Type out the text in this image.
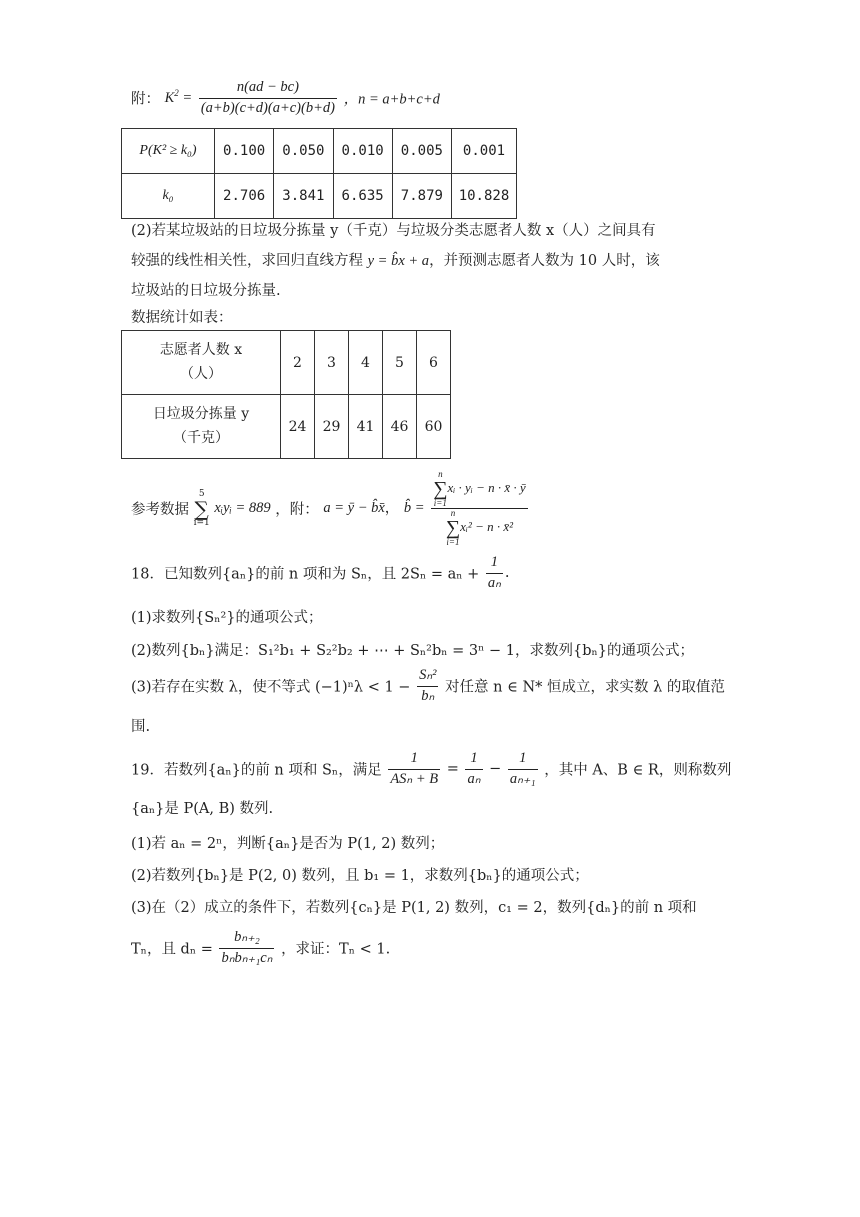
附： $K^2 = \frac{n(ad - bc)}{(a+b)(c+d)(a+c)(b+d)}$ ，n = a+b+c+d
P(K² ≥ k₀)	0.100	0.050	0.010	0.005	0.001
k₀	2.706	3.841	6.635	7.879	10.828
(2)若某垃圾站的日垃圾分拣量 y（千克）与垃圾分类志愿者人数 x（人）之间具有
较强的线性相关性，求回归直线方程 y = b̂x + a，并预测志愿者人数为 10 人时，该
垃圾站的日垃圾分拣量.
数据统计如表：
志愿者人数 x
（人）	2	3	4	5	6
日垃圾分拣量 y
（千克）	24	29	41	46	60
参考数据 5
∑
i=1 xᵢyᵢ = 889 ，附： a = ȳ − b̂x̄， b̂ = n
∑
i=1xᵢ · yᵢ − n · x̄ · ȳ
n
∑
i=1xᵢ² − n · x̄²
18．已知数列{aₙ}的前 n 项和为 Sₙ，且 $2S_n = a_n + \frac{1}{\text{aₙ}}$ .
(1)求数列{Sₙ²}的通项公式；
(2)数列{bₙ}满足：S₁²b₁ + S₂²b₂ + ⋯ + Sₙ²bₙ = 3ⁿ − 1，求数列{bₙ}的通项公式；
(3)若存在实数 λ，使不等式 $(-1)^n\lambda < 1 - \frac{\text{Sₙ²}}{\text{bₙ}}$ 对任意 n ∈ N* 恒成立，求实数 λ 的取值范
围.
19．若数列{aₙ}的前 n 项和 Sₙ，满足 $\frac{1}{\text{ASₙ + B}} = \frac{1}{\text{aₙ}} - \frac{1}{\text{aₙ₊₁}}$ ，其中 A、B ∈ R，则称数列
{aₙ}是 P(A, B) 数列.
(1)若 aₙ = 2ⁿ，判断{aₙ}是否为 P(1, 2) 数列；
(2)若数列{bₙ}是 P(2, 0) 数列，且 b₁ = 1，求数列{bₙ}的通项公式；
(3)在（2）成立的条件下，若数列{cₙ}是 P(1, 2) 数列，c₁ = 2，数列{dₙ}的前 n 项和
Tₙ，且 $d_n = \frac{\text{bₙ₊₂}}{\text{bₙbₙ₊₁cₙ}}$ ，求证：Tₙ < 1.
